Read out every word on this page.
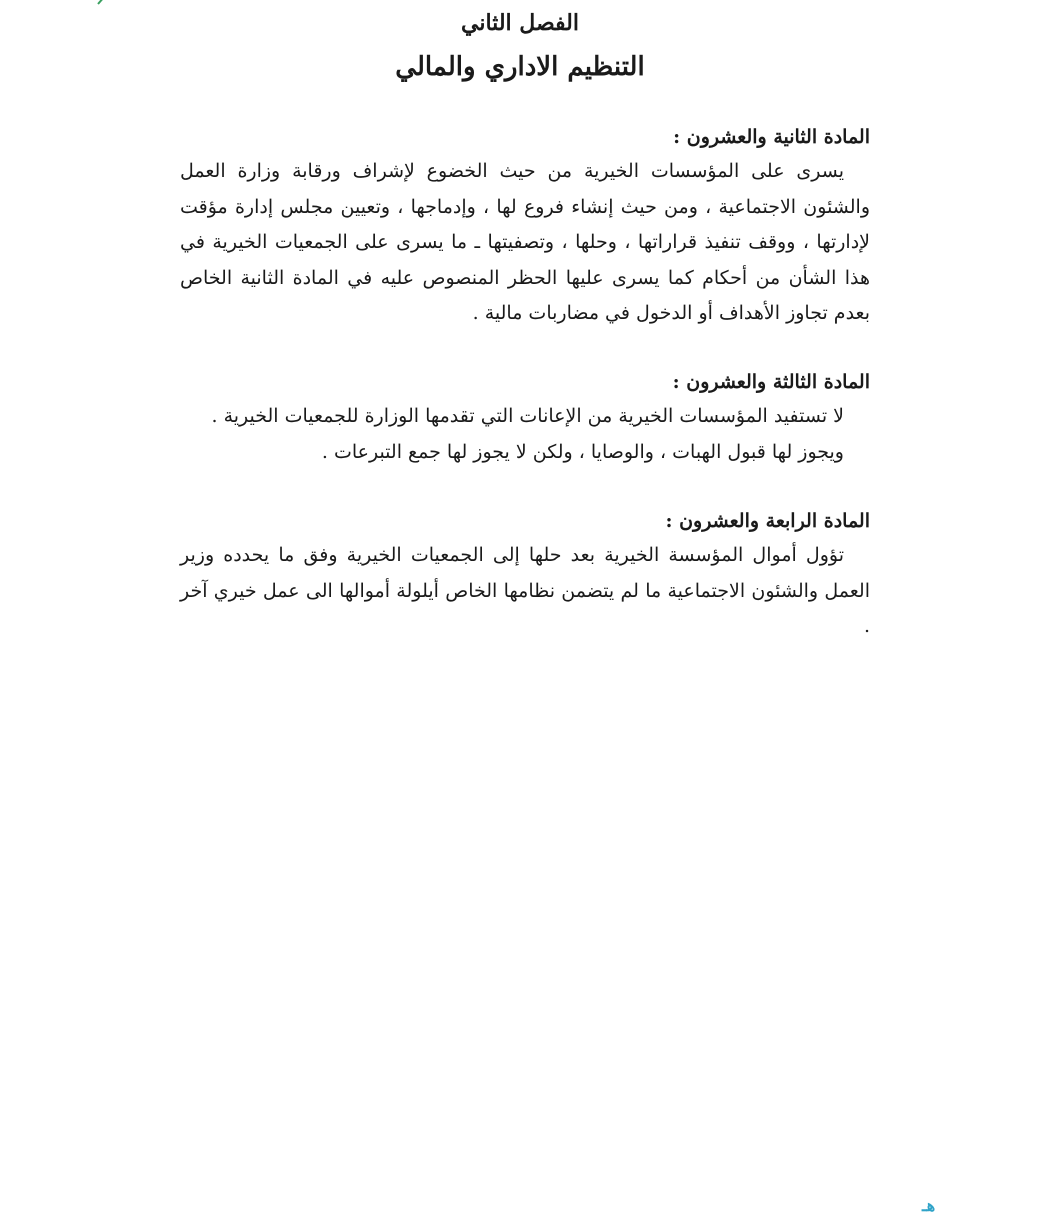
الفصل الثاني
التنظيم الاداري والمالي
المادة الثانية والعشرون :

يسرى على المؤسسات الخيرية من حيث الخضوع لإشراف ورقابة وزارة العمل والشئون الاجتماعية ، ومن حيث إنشاء فروع لها ، وإدماجها ، وتعيين مجلس إدارة مؤقت لإدارتها ، ووقف تنفيذ قراراتها ، وحلها ، وتصفيتها ـ ما يسرى على الجمعيات الخيرية في هذا الشأن من أحكام كما يسرى عليها الحظر المنصوص عليه في المادة الثانية الخاص بعدم تجاوز الأهداف أو الدخول في مضاربات مالية .

المادة الثالثة والعشرون :

لا تستفيد المؤسسات الخيرية من الإعانات التي تقدمها الوزارة للجمعيات الخيرية .

ويجوز لها قبول الهبات ، والوصايا ، ولكن لا يجوز لها جمع التبرعات .

المادة الرابعة والعشرون :

تؤول أموال المؤسسة الخيرية بعد حلها إلى الجمعيات الخيرية وفق ما يحدده وزير العمل والشئون الاجتماعية ما لم يتضمن نظامها الخاص أيلولة أموالها الى عمل خيري آخر .

هـ
